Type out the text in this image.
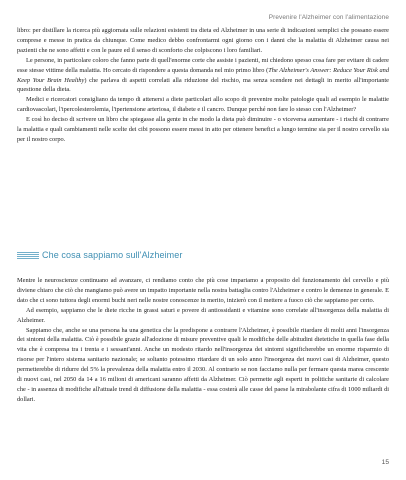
Prevenire l'Alzheimer con l'alimentazione

libro: per distillare la ricerca più aggiornata sulle relazioni esistenti tra dieta ed Alzheimer in una serie di indicazioni semplici che possano essere comprese e messe in pratica da chiunque. Come medico debbo confrontarmi ogni giorno con i danni che la malattia di Alzheimer causa nei pazienti che ne sono affetti e con le paure ed il senso di sconforto che colpiscono i loro familiari.

Le persone, in particolare coloro che fanno parte di quell'enorme corte che assiste i pazienti, mi chiedono spesso cosa fare per evitare di cadere esse stesse vittime della malattia. Ho cercato di rispondere a questa domanda nel mio primo libro (The Alzheimer's Answer: Reduce Your Risk and Keep Your Brain Healthy) che parlava di aspetti correlati alla riduzione del rischio, ma senza scendere nei dettagli in merito all'importante questione della dieta.

Medici e ricercatori consigliano da tempo di attenersi a diete particolari allo scopo di prevenire molte patologie quali ad esempio le malattie cardiovascolari, l'ipercolesterolemia, l'ipertensione arteriosa, il diabete e il cancro. Dunque perché non fare lo stesso con l'Alzheimer?

E così ho deciso di scrivere un libro che spiegasse alla gente in che modo la dieta può diminuire - o viceversa aumentare - i rischi di contrarre la malattia e quali cambiamenti nelle scelte dei cibi possono essere messi in atto per ottenere benefici a lungo termine sia per il nostro cervello sia per il nostro corpo.

Che cosa sappiamo sull'Alzheimer

Mentre le neuroscienze continuano ad avanzare, ci rendiamo conto che più cose impariamo a proposito del funzionamento del cervello e più diviene chiaro che ciò che mangiamo può avere un impatto importante nella nostra battaglia contro l'Alzheimer e contro le demenze in generale. E dato che ci sono tuttora degli enormi buchi neri nelle nostre conoscenze in merito, inizierò con il mettere a fuoco ciò che sappiamo per certo.

Ad esempio, sappiamo che le diete ricche in grassi saturi e povere di antiossidanti e vitamine sono correlate all'insorgenza della malattia di Alzheimer.

Sappiamo che, anche se una persona ha una genetica che la predispone a contrarre l'Alzheimer, è possibile ritardare di molti anni l'insorgenza dei sintomi della malattia. Ciò è possibile grazie all'adozione di misure preventive quali le modifiche delle abitudini dietetiche in quella fase della vita che è compresa tra i trenta e i sessant'anni. Anche un modesto ritardo nell'insorgenza dei sintomi significherebbe un enorme risparmio di risorse per l'intero sistema sanitario nazionale; se soltanto potessimo ritardare di un solo anno l'insorgenza dei nuovi casi di Alzheimer, questo permetterebbe di ridurre del 5% la prevalenza della malattia entro il 2030. Al contrario se non facciamo nulla per fermare questa marea crescente di nuovi casi, nel 2050 da 14 a 16 milioni di americani saranno affetti da Alzheimer. Ciò permette agli esperti in politiche sanitarie di calcolare che - in assenza di modifiche all'attuale trend di diffusione della malattia - essa costerà alle casse del paese la mirabolante cifra di 1000 miliardi di dollari.

15
